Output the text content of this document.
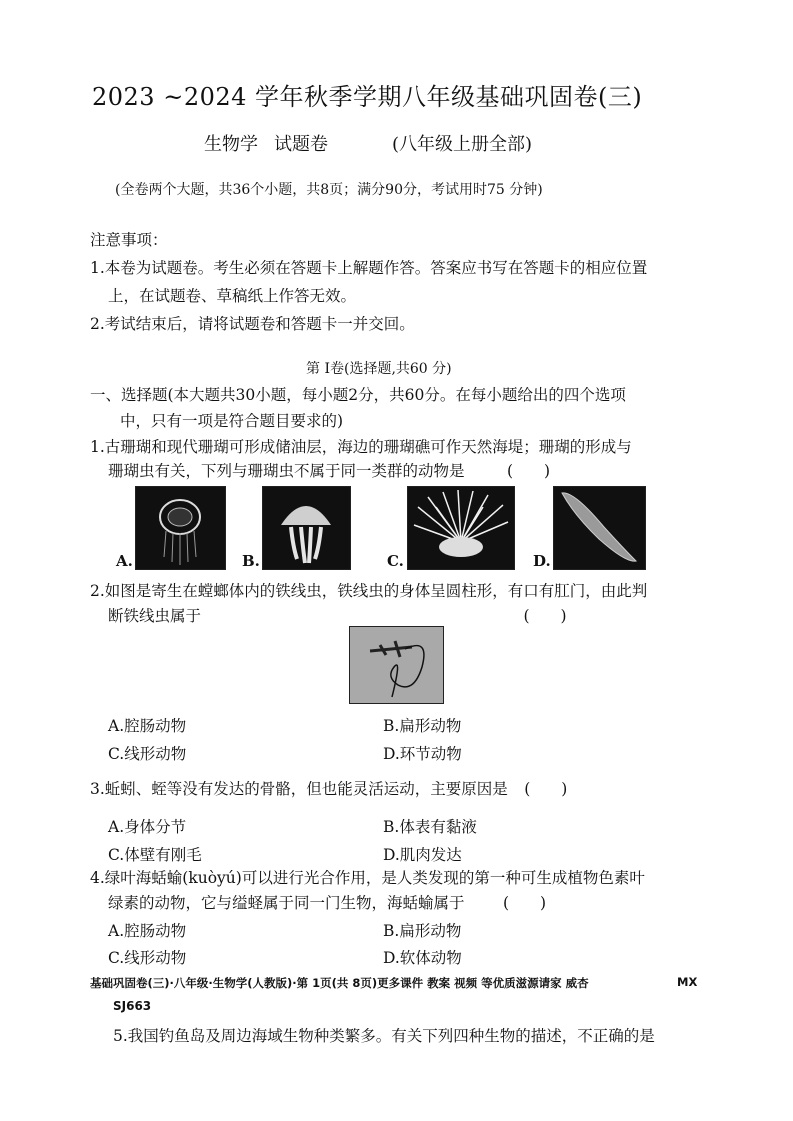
2023 ~2024 学年秋季学期八年级基础巩固卷(三)
生物学 试题卷	(八年级上册全部)
(全卷两个大题，共36个小题，共8页；满分90分，考试用时75 分钟)
注意事项：
1.本卷为试题卷。考生必须在答题卡上解题作答。答案应书写在答题卡的相应位置
上，在试题卷、草稿纸上作答无效。
2.考试结束后，请将试题卷和答题卡一并交回。
第 I卷(选择题,共60 分)
一、选择题(本大题共30小题，每小题2分，共60分。在每小题给出的四个选项
中，只有一项是符合题目要求的)
1.古珊瑚和现代珊瑚可形成储油层，海边的珊瑚礁可作天然海堤；珊瑚的形成与
珊瑚虫有关，下列与珊瑚虫不属于同一类群的动物是	(　　)
A.	B.	C.	D.
2.如图是寄生在螳螂体内的铁线虫，铁线虫的身体呈圆柱形，有口有肛门，由此判
断铁线虫属于	(　　)
A.腔肠动物	B.扁形动物
C.线形动物	D.环节动物
3.蚯蚓、蛭等没有发达的骨骼，但也能灵活运动，主要原因是 (　　)
A.身体分节	B.体表有黏液
C.体壁有刚毛	D.肌肉发达
4.绿叶海蛞蝓(kuòyú)可以进行光合作用，是人类发现的第一种可生成植物色素叶
绿素的动物，它与缢蛏属于同一门生物，海蛞蝓属于 (　　)
A.腔肠动物	B.扁形动物
C.线形动物	D.软体动物
基础巩固卷(三)·八年级·生物学(人教版)·第 1页(共 8页)更多课件 教案 视频 等优质滋源请家 威杏	MX
SJ663
5.我国钓鱼岛及周边海域生物种类繁多。有关下列四种生物的描述，不正确的是
